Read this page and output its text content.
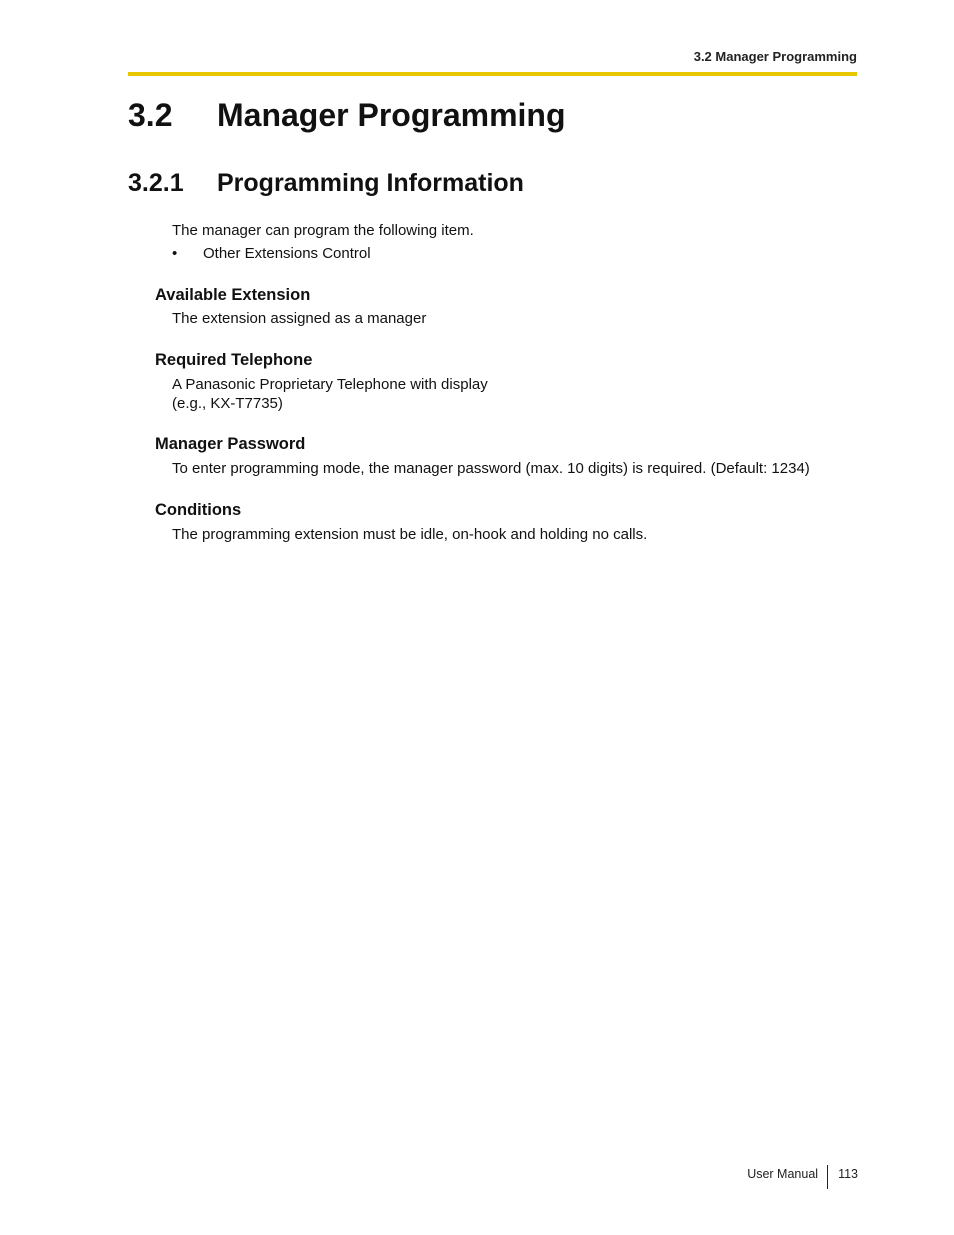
3.2 Manager Programming
3.2 Manager Programming
3.2.1 Programming Information
The manager can program the following item.
• Other Extensions Control
Available Extension
The extension assigned as a manager
Required Telephone
A Panasonic Proprietary Telephone with display
(e.g., KX-T7735)
Manager Password
To enter programming mode, the manager password (max. 10 digits) is required. (Default: 1234)
Conditions
The programming extension must be idle, on-hook and holding no calls.
User Manual	113
